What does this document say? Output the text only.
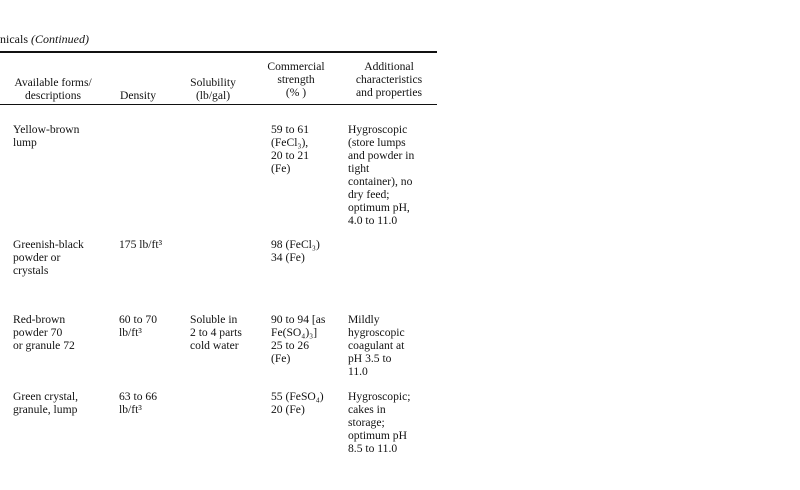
nicals (Continued)
Available forms/
descriptions	Density
Solubility
(lb/gal)
Commercial
strength
(% )
Additional
characteristics
and properties
Yellow-brown
lump
59 to 61
(FeCl₃),
20 to 21
(Fe)
Hygroscopic
(store lumps
and powder in
tight
container), no
dry feed;
optimum pH,
4.0 to 11.0
Greenish-black
powder or
crystals
175 lb/ft³	98 (FeCl₃)
34 (Fe)
Red-brown
powder 70
or granule 72
60 to 70
lb/ft³
Soluble in
2 to 4 parts
cold water
90 to 94 [as
Fe(SO₄)₃]
25 to 26
(Fe)
Mildly
hygroscopic
coagulant at
pH 3.5 to
11.0
Green crystal,
granule, lump
63 to 66
lb/ft³
55 (FeSO₄)
20 (Fe)
Hygroscopic;
cakes in
storage;
optimum pH
8.5 to 11.0
